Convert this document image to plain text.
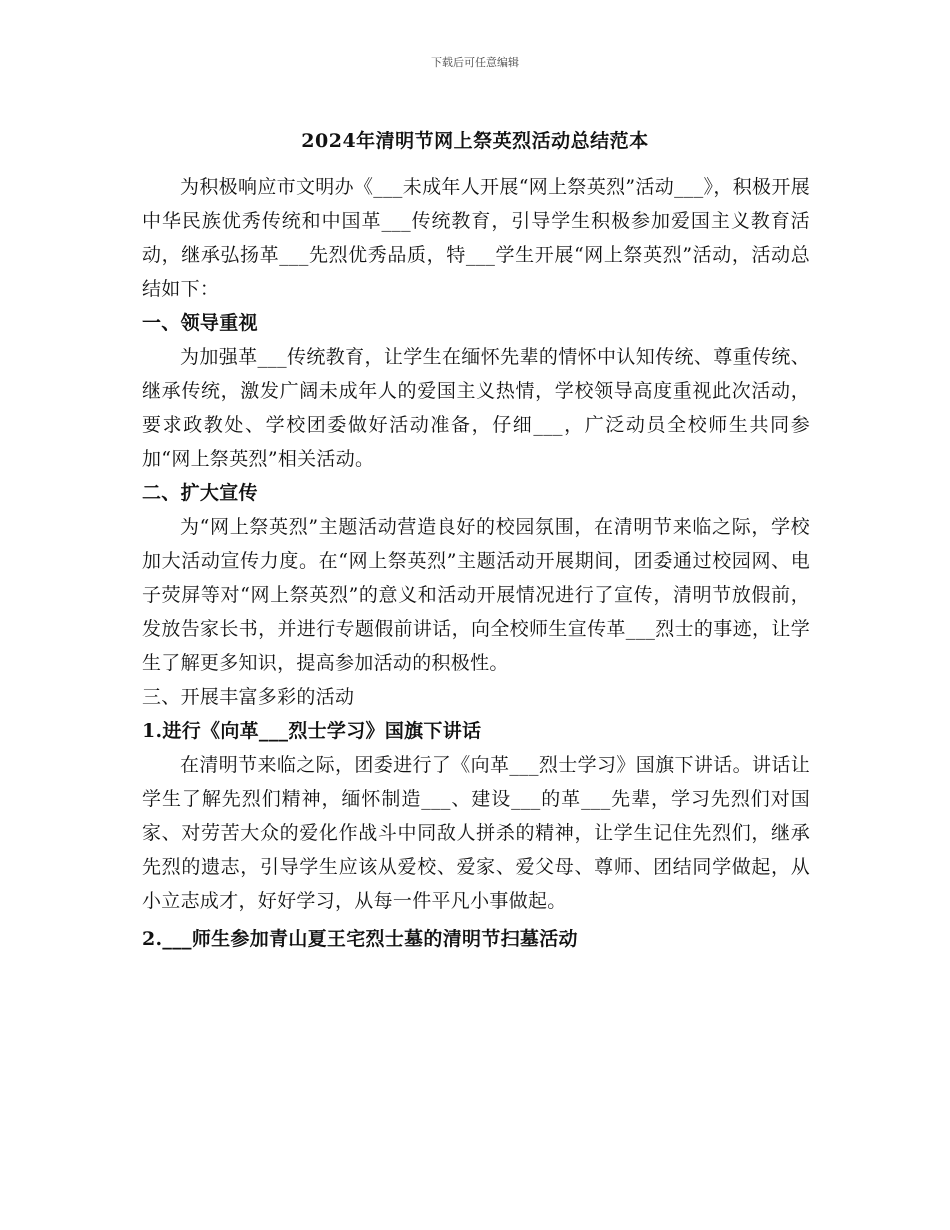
下载后可任意编辑
2024年清明节网上祭英烈活动总结范本

为积极响应市文明办《___未成年人开展“网上祭英烈”活动___》，积极开展中华民族优秀传统和中国革___传统教育，引导学生积极参加爱国主义教育活动，继承弘扬革___先烈优秀品质，特___学生开展“网上祭英烈”活动，活动总结如下：

一、领导重视

为加强革___传统教育，让学生在缅怀先辈的情怀中认知传统、尊重传统、继承传统，激发广阔未成年人的爱国主义热情，学校领导高度重视此次活动，要求政教处、学校团委做好活动准备，仔细___，广泛动员全校师生共同参加“网上祭英烈”相关活动。

二、扩大宣传

为“网上祭英烈”主题活动营造良好的校园氛围，在清明节来临之际，学校加大活动宣传力度。在“网上祭英烈”主题活动开展期间，团委通过校园网、电子荧屏等对“网上祭英烈”的意义和活动开展情况进行了宣传，清明节放假前，发放告家长书，并进行专题假前讲话，向全校师生宣传革___烈士的事迹，让学生了解更多知识，提高参加活动的积极性。

三、开展丰富多彩的活动

1.进行《向革___烈士学习》国旗下讲话

在清明节来临之际，团委进行了《向革___烈士学习》国旗下讲话。讲话让学生了解先烈们精神，缅怀制造___、建设___的革___先辈，学习先烈们对国家、对劳苦大众的爱化作战斗中同敌人拼杀的精神，让学生记住先烈们，继承先烈的遗志，引导学生应该从爱校、爱家、爱父母、尊师、团结同学做起，从小立志成才，好好学习，从每一件平凡小事做起。

2.___师生参加青山夏王宅烈士墓的清明节扫墓活动
